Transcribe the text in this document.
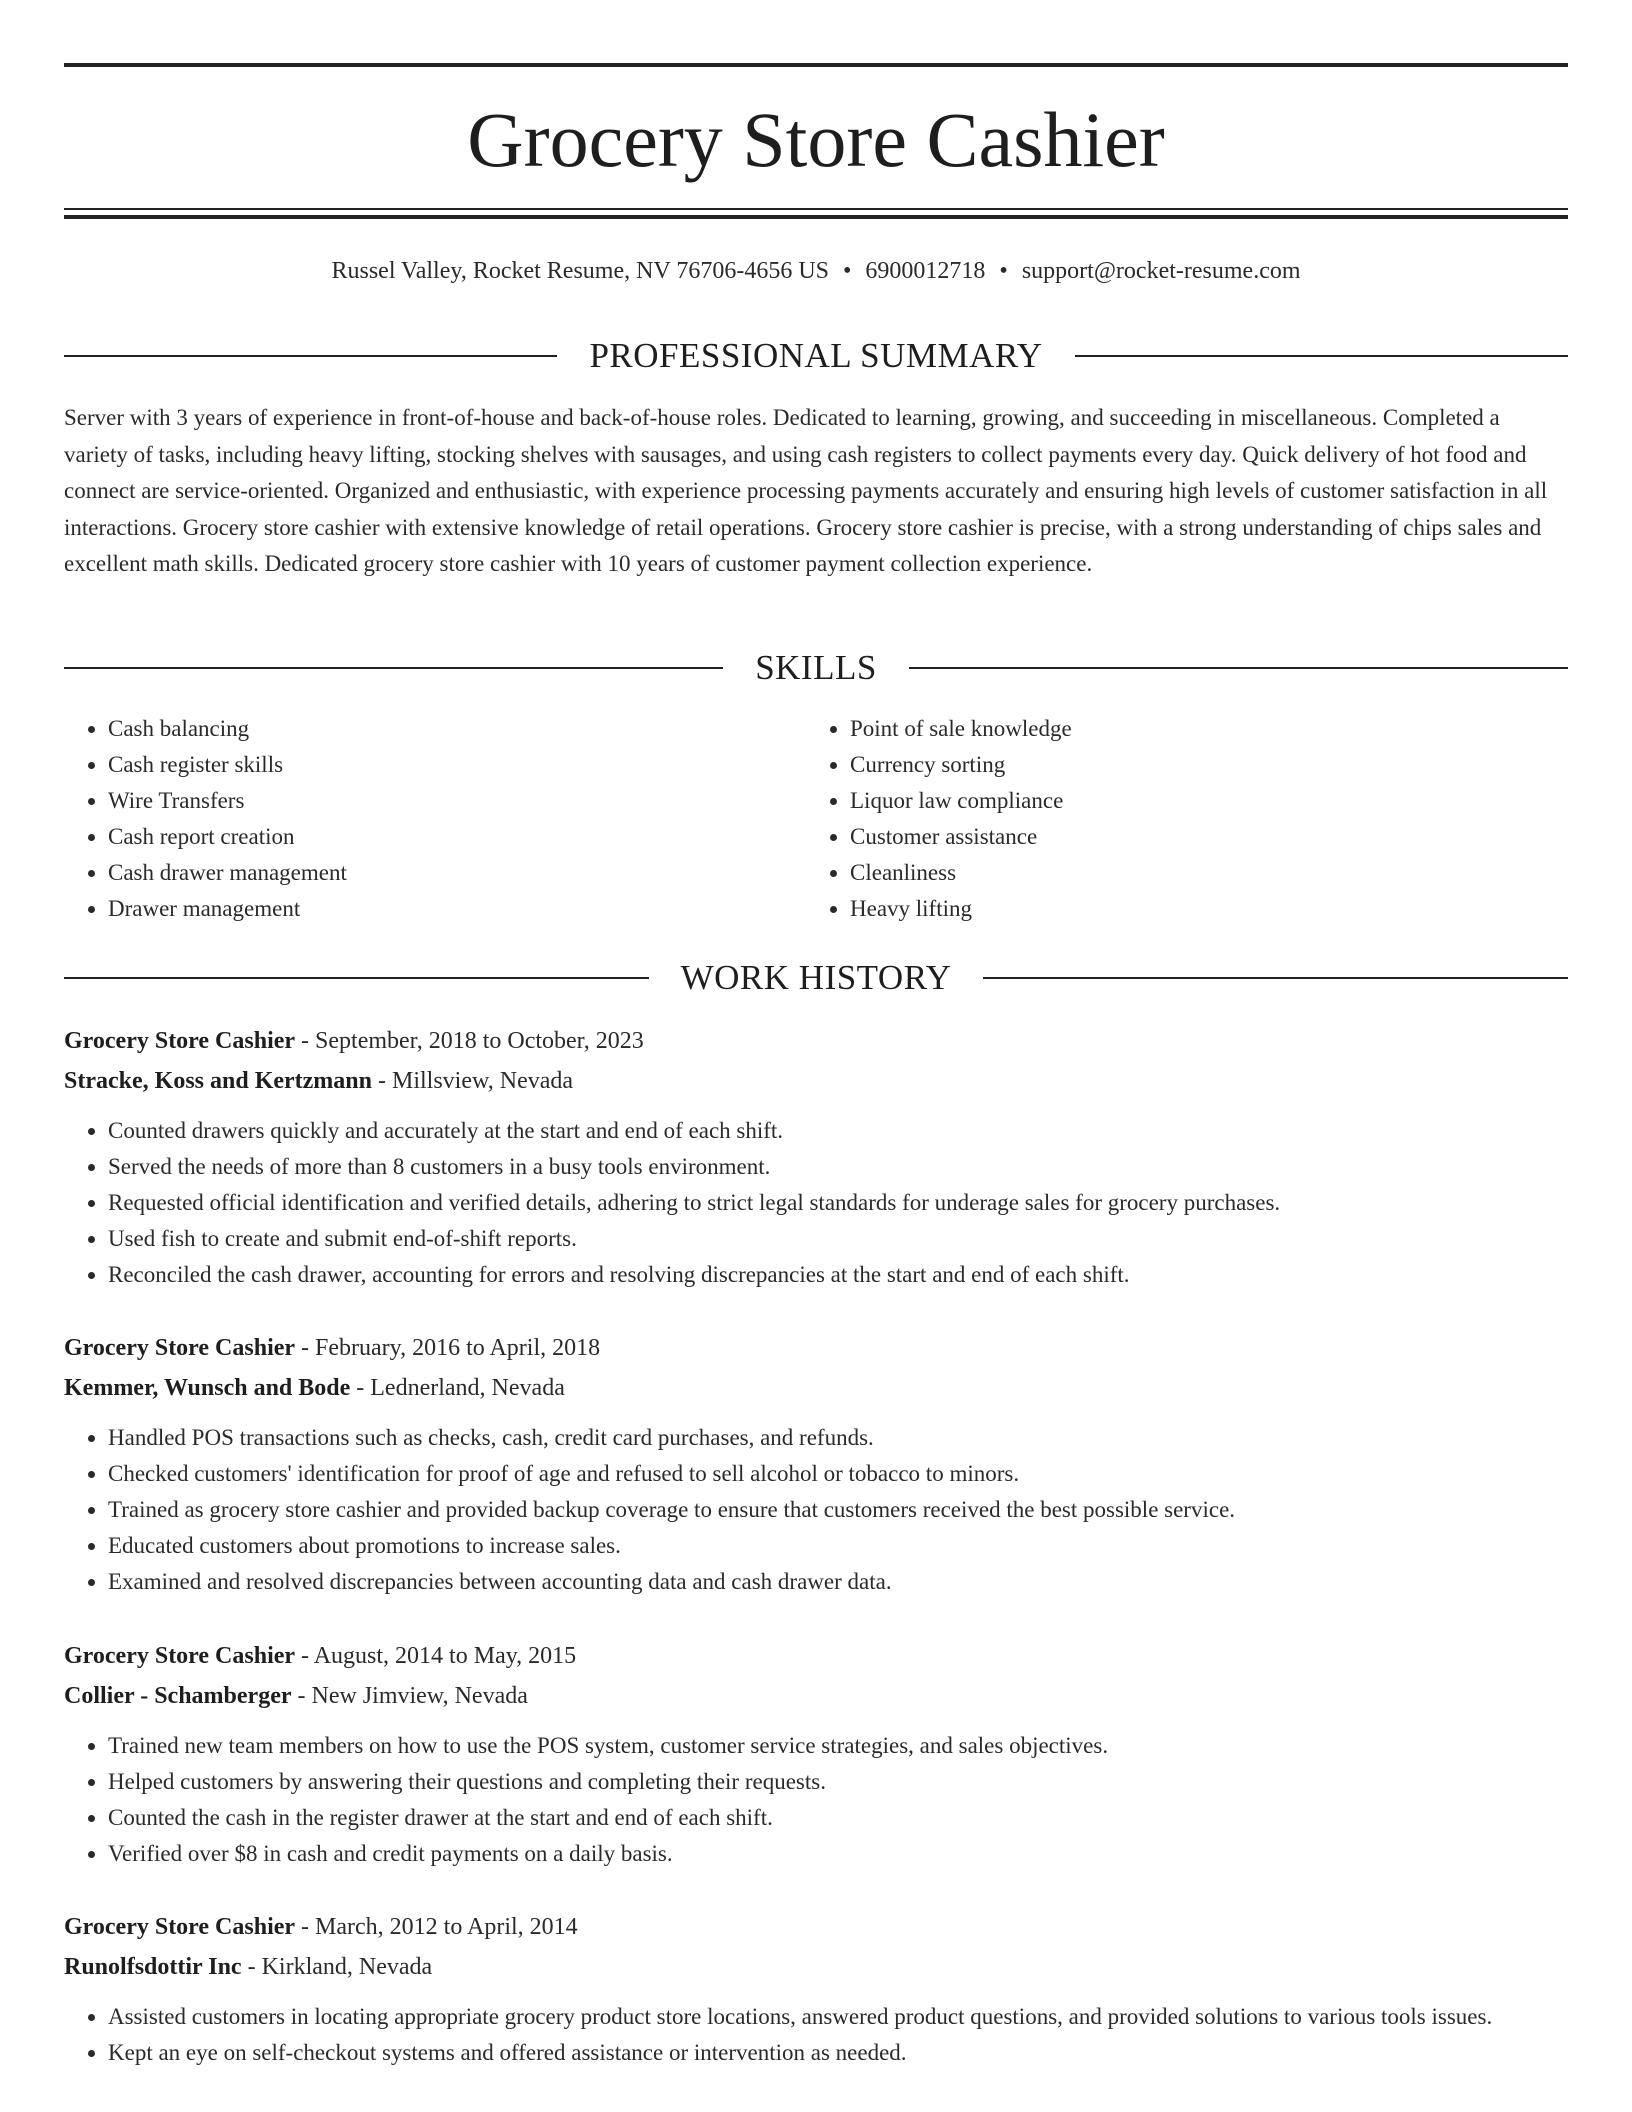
Grocery Store Cashier
Russel Valley, Rocket Resume, NV 76706-4656 US • 6900012718 • support@rocket-resume.com
PROFESSIONAL SUMMARY

Server with 3 years of experience in front-of-house and back-of-house roles. Dedicated to learning, growing, and succeeding in miscellaneous. Completed a variety of tasks, including heavy lifting, stocking shelves with sausages, and using cash registers to collect payments every day. Quick delivery of hot food and connect are service-oriented. Organized and enthusiastic, with experience processing payments accurately and ensuring high levels of customer satisfaction in all interactions. Grocery store cashier with extensive knowledge of retail operations. Grocery store cashier is precise, with a strong understanding of chips sales and excellent math skills. Dedicated grocery store cashier with 10 years of customer payment collection experience.

SKILLS
• Cash balancing
• Cash register skills
• Wire Transfers
• Cash report creation
• Cash drawer management
• Drawer management
• Point of sale knowledge
• Currency sorting
• Liquor law compliance
• Customer assistance
• Cleanliness
• Heavy lifting
WORK HISTORY

Grocery Store Cashier - September, 2018 to October, 2023

Stracke, Koss and Kertzmann - Millsview, Nevada

• Counted drawers quickly and accurately at the start and end of each shift.
• Served the needs of more than 8 customers in a busy tools environment.
• Requested official identification and verified details, adhering to strict legal standards for underage sales for grocery purchases.
• Used fish to create and submit end-of-shift reports.
• Reconciled the cash drawer, accounting for errors and resolving discrepancies at the start and end of each shift.

Grocery Store Cashier - February, 2016 to April, 2018

Kemmer, Wunsch and Bode - Lednerland, Nevada

• Handled POS transactions such as checks, cash, credit card purchases, and refunds.
• Checked customers' identification for proof of age and refused to sell alcohol or tobacco to minors.
• Trained as grocery store cashier and provided backup coverage to ensure that customers received the best possible service.
• Educated customers about promotions to increase sales.
• Examined and resolved discrepancies between accounting data and cash drawer data.

Grocery Store Cashier - August, 2014 to May, 2015

Collier - Schamberger - New Jimview, Nevada

• Trained new team members on how to use the POS system, customer service strategies, and sales objectives.
• Helped customers by answering their questions and completing their requests.
• Counted the cash in the register drawer at the start and end of each shift.
• Verified over $8 in cash and credit payments on a daily basis.

Grocery Store Cashier - March, 2012 to April, 2014

Runolfsdottir Inc - Kirkland, Nevada

• Assisted customers in locating appropriate grocery product store locations, answered product questions, and provided solutions to various tools issues.
• Kept an eye on self-checkout systems and offered assistance or intervention as needed.
